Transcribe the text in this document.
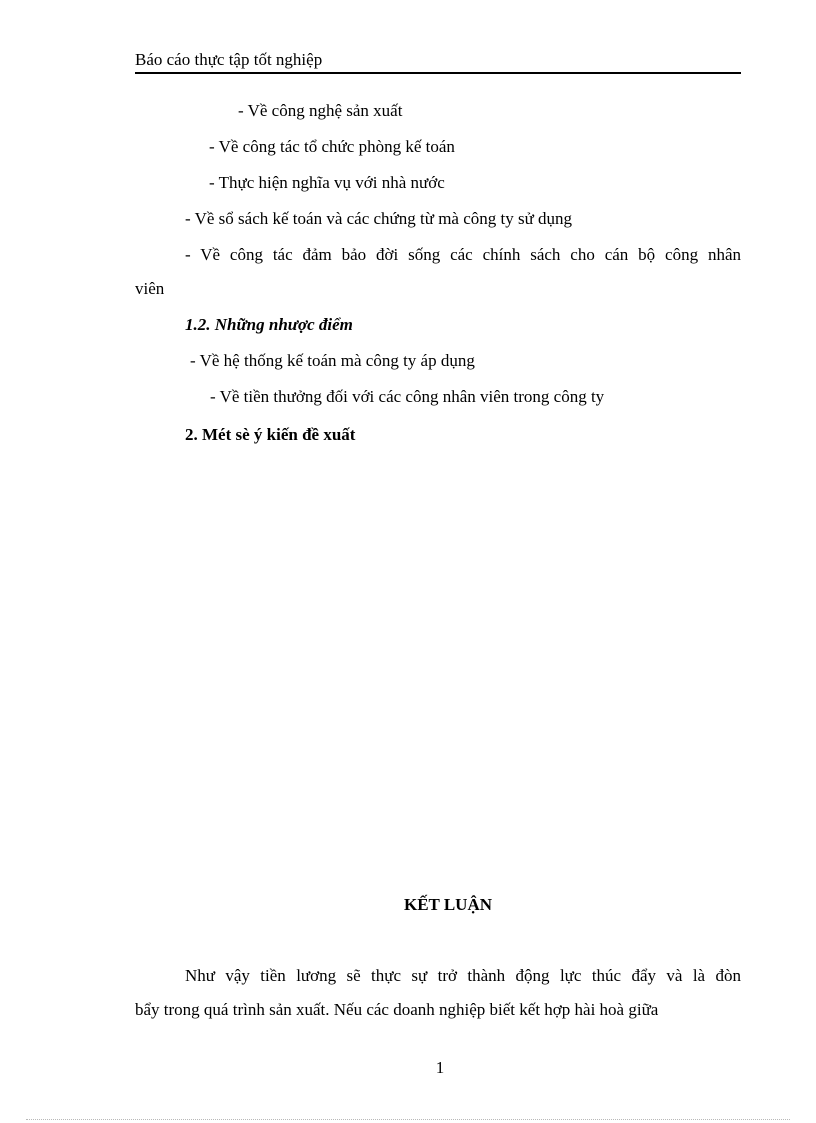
Báo cáo thực tập tốt nghiệp
- Về công nghệ sản xuất
- Về công tác tổ chức phòng kế toán
- Thực hiện nghĩa vụ với nhà nước
- Về sổ sách kế toán và các chứng từ mà công ty sử dụng
- Về công tác đảm bảo đời sống các chính sách cho cán bộ công nhân
viên
1.2. Những nhược điểm
- Về hệ thống kế toán mà công ty áp dụng
- Về tiền thưởng đối với các công nhân viên trong công ty
2. Mét sè ý kiến đề xuất
KẾT LUẬN
Như vậy tiền lương sẽ thực sự trở thành động lực thúc đẩy và là đòn
bẩy trong quá trình sản xuất. Nếu các doanh nghiệp biết kết hợp hài hoà giữa
1
